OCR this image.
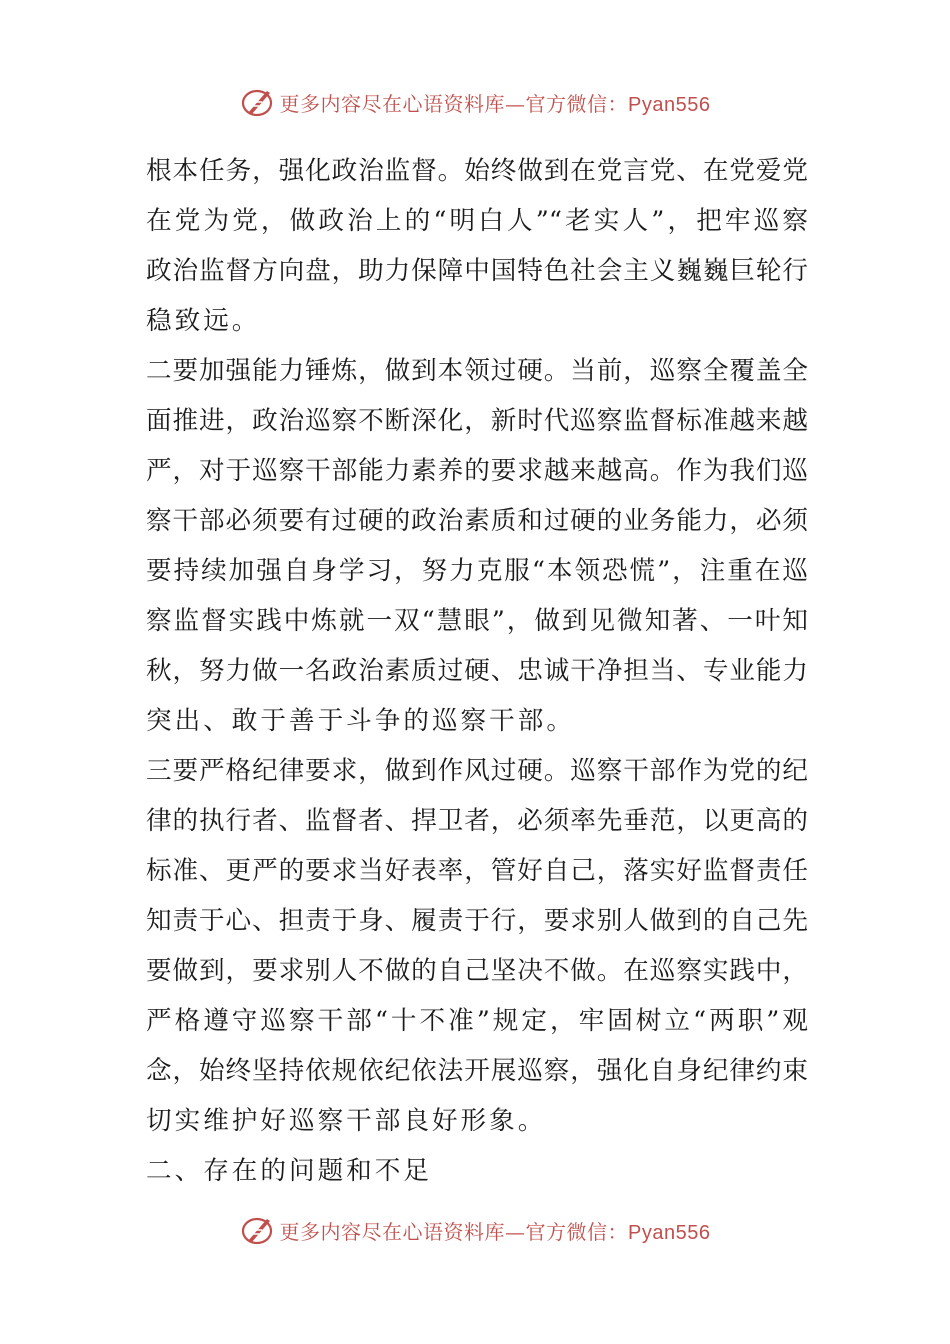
更多内容尽在心语资料库—官方微信：Pyan556
根本任务，强化政治监督。始终做到在党言党、在党爱党
在党为党，做政治上的“明白人”“老实人”，把牢巡察
政治监督方向盘，助力保障中国特色社会主义巍巍巨轮行
稳致远。
二要加强能力锤炼，做到本领过硬。当前，巡察全覆盖全
面推进，政治巡察不断深化，新时代巡察监督标准越来越
严，对于巡察干部能力素养的要求越来越高。作为我们巡
察干部必须要有过硬的政治素质和过硬的业务能力，必须
要持续加强自身学习，努力克服“本领恐慌”，注重在巡
察监督实践中炼就一双“慧眼”，做到见微知著、一叶知
秋，努力做一名政治素质过硬、忠诚干净担当、专业能力
突出、敢于善于斗争的巡察干部。
三要严格纪律要求，做到作风过硬。巡察干部作为党的纪
律的执行者、监督者、捍卫者，必须率先垂范，以更高的
标准、更严的要求当好表率，管好自己，落实好监督责任
知责于心、担责于身、履责于行，要求别人做到的自己先
要做到，要求别人不做的自己坚决不做。在巡察实践中，
严格遵守巡察干部“十不准”规定，牢固树立“两职”观
念，始终坚持依规依纪依法开展巡察，强化自身纪律约束
切实维护好巡察干部良好形象。
二、存在的问题和不足
更多内容尽在心语资料库—官方微信：Pyan556
